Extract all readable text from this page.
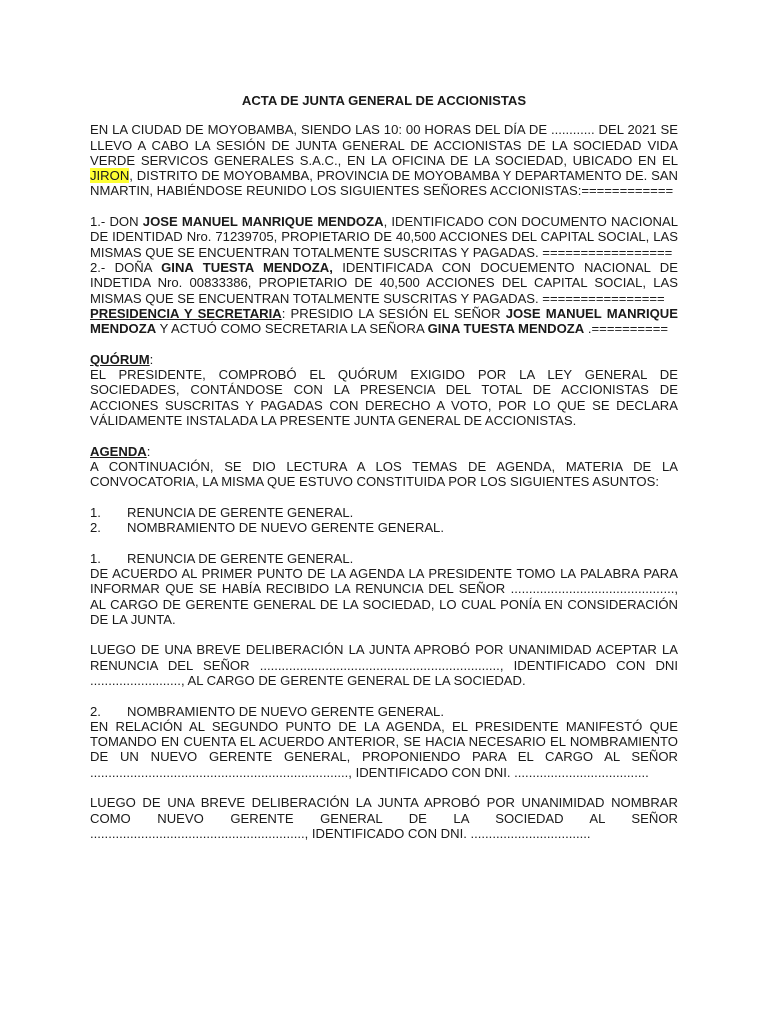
ACTA DE JUNTA GENERAL DE ACCIONISTAS

EN LA CIUDAD DE MOYOBAMBA, SIENDO LAS 10: 00 HORAS DEL DÍA DE ............ DEL 2021 SE LLEVO A CABO LA SESIÓN DE JUNTA GENERAL DE ACCIONISTAS DE LA SOCIEDAD VIDA VERDE SERVICOS GENERALES S.A.C., EN LA OFICINA DE LA SOCIEDAD, UBICADO EN EL JIRON, DISTRITO DE MOYOBAMBA, PROVINCIA DE MOYOBAMBA Y DEPARTAMENTO DE. SAN NMARTIN, HABIÉNDOSE REUNIDO LOS SIGUIENTES SEÑORES ACCIONISTAS:============

1.- DON JOSE MANUEL MANRIQUE MENDOZA, IDENTIFICADO CON DOCUMENTO NACIONAL DE IDENTIDAD Nro. 71239705, PROPIETARIO DE 40,500 ACCIONES DEL CAPITAL SOCIAL, LAS MISMAS QUE SE ENCUENTRAN TOTALMENTE SUSCRITAS Y PAGADAS. =================

2.- DOÑA GINA TUESTA MENDOZA, IDENTIFICADA CON DOCUEMENTO NACIONAL DE INDETIDA Nro. 00833386, PROPIETARIO DE 40,500 ACCIONES DEL CAPITAL SOCIAL, LAS MISMAS QUE SE ENCUENTRAN TOTALMENTE SUSCRITAS Y PAGADAS. ================

PRESIDENCIA Y SECRETARIA: PRESIDIO LA SESIÓN EL SEÑOR JOSE MANUEL MANRIQUE MENDOZA Y ACTUÓ COMO SECRETARIA LA SEÑORA GINA TUESTA MENDOZA .==========

QUÓRUM:

EL PRESIDENTE, COMPROBÓ EL QUÓRUM EXIGIDO POR LA LEY GENERAL DE SOCIEDADES, CONTÁNDOSE CON LA PRESENCIA DEL TOTAL DE ACCIONISTAS DE ACCIONES SUSCRITAS Y PAGADAS CON DERECHO A VOTO, POR LO QUE SE DECLARA VÁLIDAMENTE INSTALADA LA PRESENTE JUNTA GENERAL DE ACCIONISTAS.

AGENDA:

A CONTINUACIÓN, SE DIO LECTURA A LOS TEMAS DE AGENDA, MATERIA DE LA CONVOCATORIA, LA MISMA QUE ESTUVO CONSTITUIDA POR LOS SIGUIENTES ASUNTOS:

1.	RENUNCIA DE GERENTE GENERAL.
2.	NOMBRAMIENTO DE NUEVO GERENTE GENERAL.
1.	RENUNCIA DE GERENTE GENERAL.

DE ACUERDO AL PRIMER PUNTO DE LA AGENDA LA PRESIDENTE TOMO LA PALABRA PARA INFORMAR QUE SE HABÍA RECIBIDO LA RENUNCIA DEL SEÑOR ............................................., AL CARGO DE GERENTE GENERAL DE LA SOCIEDAD, LO CUAL PONÍA EN CONSIDERACIÓN DE LA JUNTA.

LUEGO DE UNA BREVE DELIBERACIÓN LA JUNTA APROBÓ POR UNANIMIDAD ACEPTAR LA RENUNCIA DEL SEÑOR .................................................................., IDENTIFICADO CON DNI ........................., AL CARGO DE GERENTE GENERAL DE LA SOCIEDAD.

2.	NOMBRAMIENTO DE NUEVO GERENTE GENERAL.

EN RELACIÓN AL SEGUNDO PUNTO DE LA AGENDA, EL PRESIDENTE MANIFESTÓ QUE TOMANDO EN CUENTA EL ACUERDO ANTERIOR, SE HACIA NECESARIO EL NOMBRAMIENTO DE UN NUEVO GERENTE GENERAL, PROPONIENDO PARA EL CARGO AL SEÑOR ......................................................................., IDENTIFICADO CON DNI. .....................................

LUEGO DE UNA BREVE DELIBERACIÓN LA JUNTA APROBÓ POR UNANIMIDAD NOMBRAR COMO NUEVO GERENTE GENERAL DE LA SOCIEDAD AL SEÑOR ..........................................................., IDENTIFICADO CON DNI. .................................
